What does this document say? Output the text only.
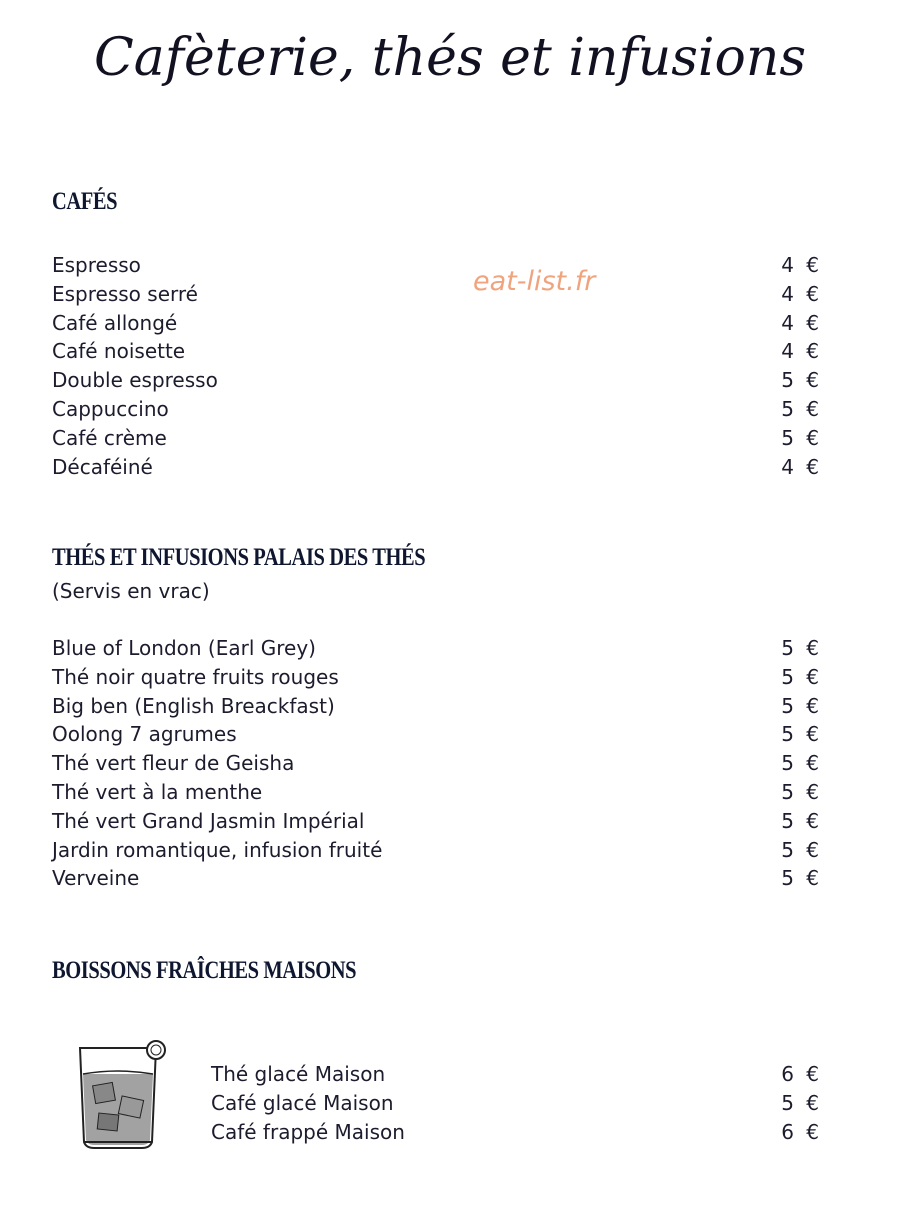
Cafèterie, thés et infusions
eat-list.fr
CAFÉS
Espresso	4 €
Espresso serré	4 €
Café allongé	4 €
Café noisette	4 €
Double espresso	5 €
Cappuccino	5 €
Café crème	5 €
Décaféiné	4 €
THÉS ET INFUSIONS PALAIS DES THÉS
(Servis en vrac)
Blue of London (Earl Grey)	5 €
Thé noir quatre fruits rouges	5 €
Big ben (English Breackfast)	5 €
Oolong 7 agrumes	5 €
Thé vert fleur de Geisha	5 €
Thé vert à la menthe	5 €
Thé vert Grand Jasmin Impérial	5 €
Jardin romantique, infusion fruité	5 €
Verveine	5 €
BOISSONS FRAÎCHES MAISONS
Thé glacé Maison	6 €
Café glacé Maison	5 €
Café frappé Maison	6 €
